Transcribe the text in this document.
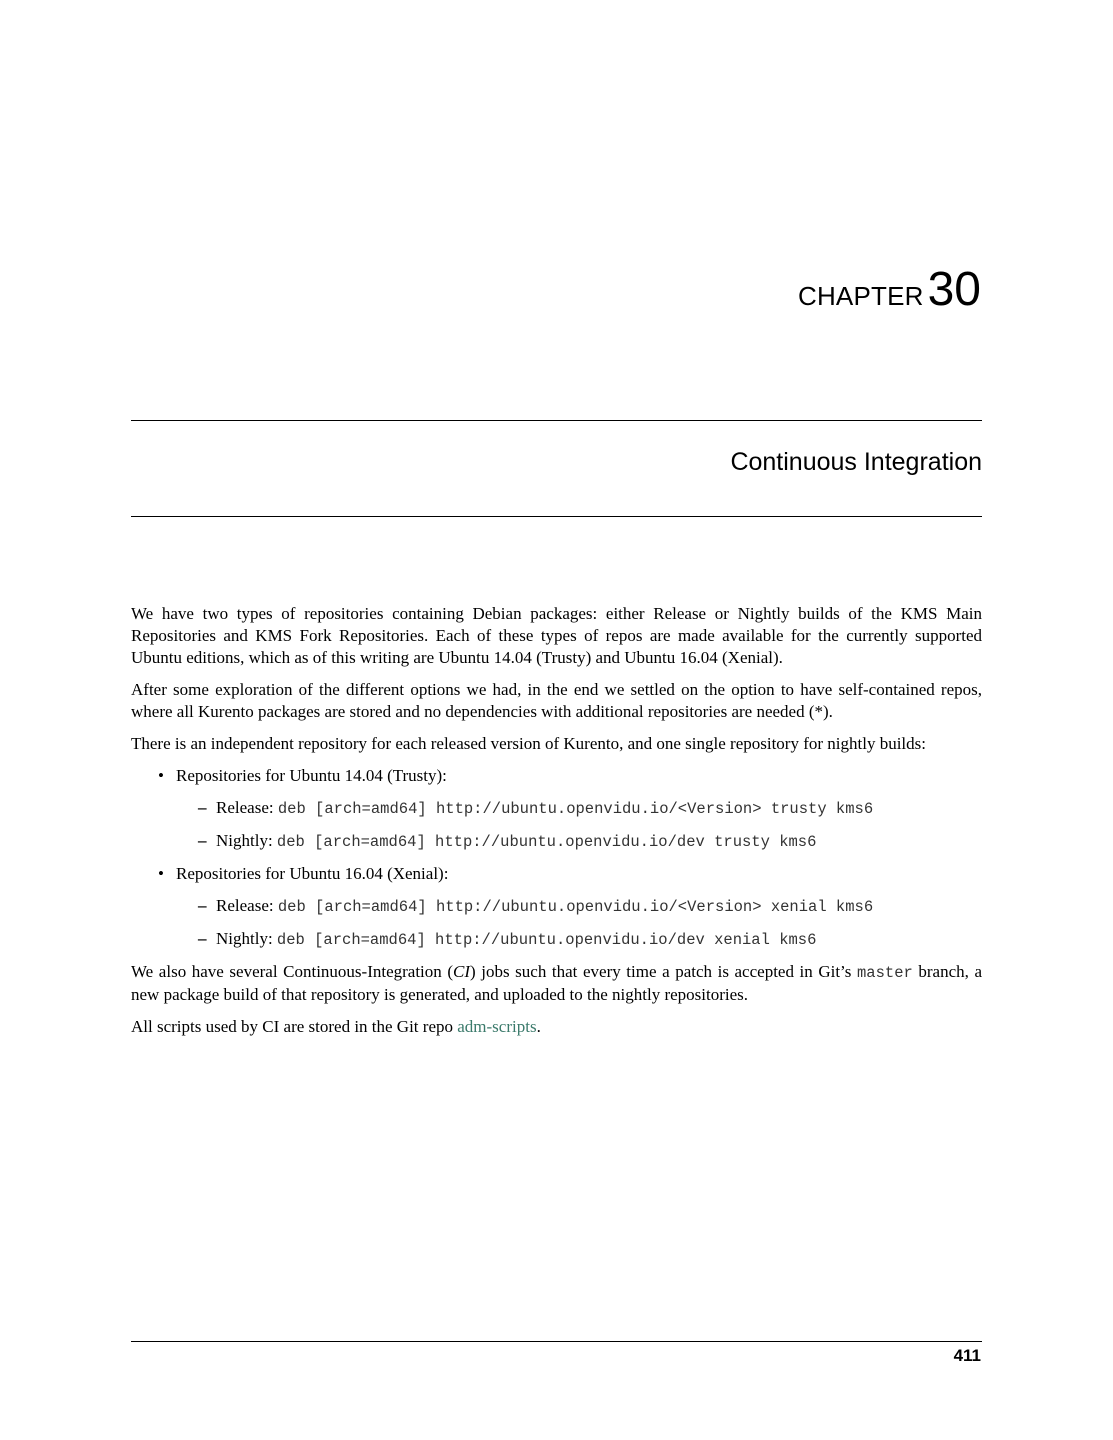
CHAPTER30
Continuous Integration

We have two types of repositories containing Debian packages: either Release or Nightly builds of the KMS Main Repositories and KMS Fork Repositories. Each of these types of repos are made available for the currently supported Ubuntu editions, which as of this writing are Ubuntu 14.04 (Trusty) and Ubuntu 16.04 (Xenial).

After some exploration of the different options we had, in the end we settled on the option to have self-contained repos, where all Kurento packages are stored and no dependencies with additional repositories are needed (*).

There is an independent repository for each released version of Kurento, and one single repository for nightly builds:

• Repositories for Ubuntu 14.04 (Trusty):
– Release: deb [arch=amd64] http://ubuntu.openvidu.io/<Version> trusty kms6
– Nightly: deb [arch=amd64] http://ubuntu.openvidu.io/dev trusty kms6
• Repositories for Ubuntu 16.04 (Xenial):
– Release: deb [arch=amd64] http://ubuntu.openvidu.io/<Version> xenial kms6
– Nightly: deb [arch=amd64] http://ubuntu.openvidu.io/dev xenial kms6

We also have several Continuous-Integration (CI) jobs such that every time a patch is accepted in Git’s master branch, a new package build of that repository is generated, and uploaded to the nightly repositories.

All scripts used by CI are stored in the Git repo adm-scripts.

411
